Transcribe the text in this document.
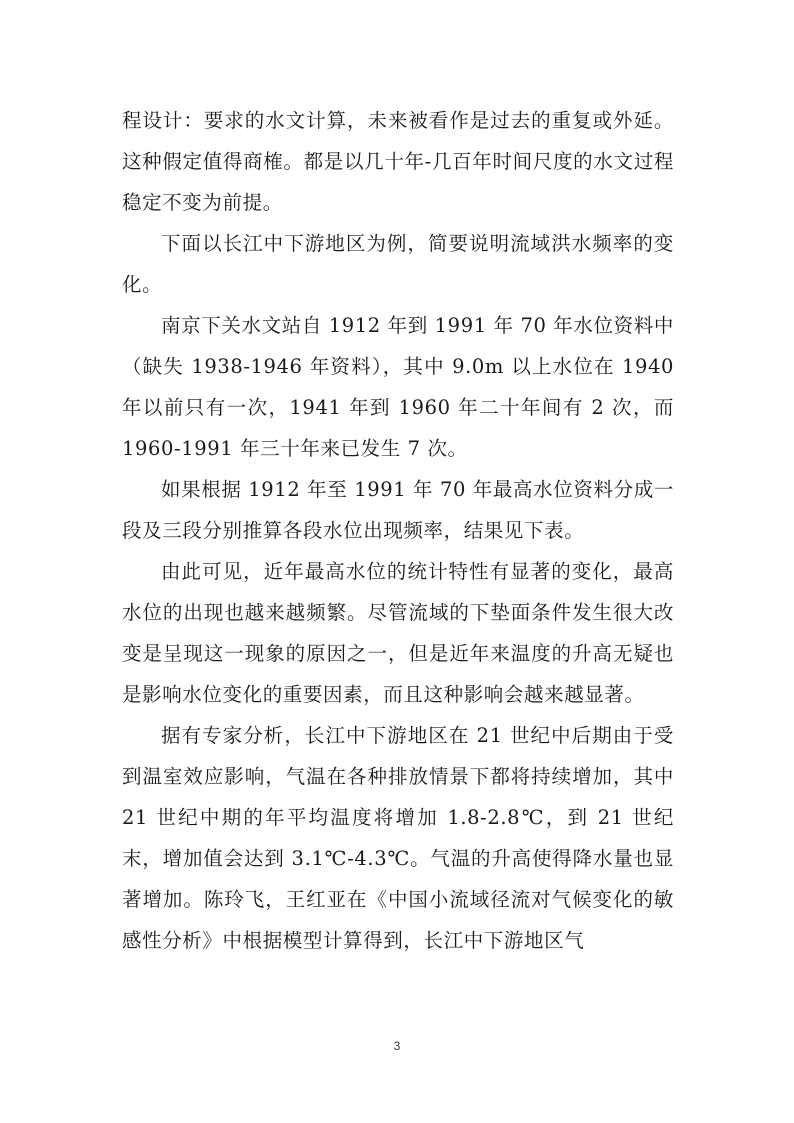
程设计：要求的水文计算，未来被看作是过去的重复或外延。这种假定值得商榷。都是以几十年-几百年时间尺度的水文过程稳定不变为前提。

下面以长江中下游地区为例，简要说明流域洪水频率的变化。

南京下关水文站自 1912 年到 1991 年 70 年水位资料中（缺失 1938-1946 年资料），其中 9.0m 以上水位在 1940 年以前只有一次，1941 年到 1960 年二十年间有 2 次，而 1960-1991 年三十年来已发生 7 次。

如果根据 1912 年至 1991 年 70 年最高水位资料分成一段及三段分别推算各段水位出现频率，结果见下表。

由此可见，近年最高水位的统计特性有显著的变化，最高水位的出现也越来越频繁。尽管流域的下垫面条件发生很大改变是呈现这一现象的原因之一，但是近年来温度的升高无疑也是影响水位变化的重要因素，而且这种影响会越来越显著。

据有专家分析，长江中下游地区在 21 世纪中后期由于受到温室效应影响，气温在各种排放情景下都将持续增加，其中 21 世纪中期的年平均温度将增加 1.8-2.8℃，到 21 世纪末，增加值会达到 3.1℃-4.3℃。气温的升高使得降水量也显著增加。陈玲飞，王红亚在《中国小流域径流对气候变化的敏感性分析》中根据模型计算得到，长江中下游地区气

3
